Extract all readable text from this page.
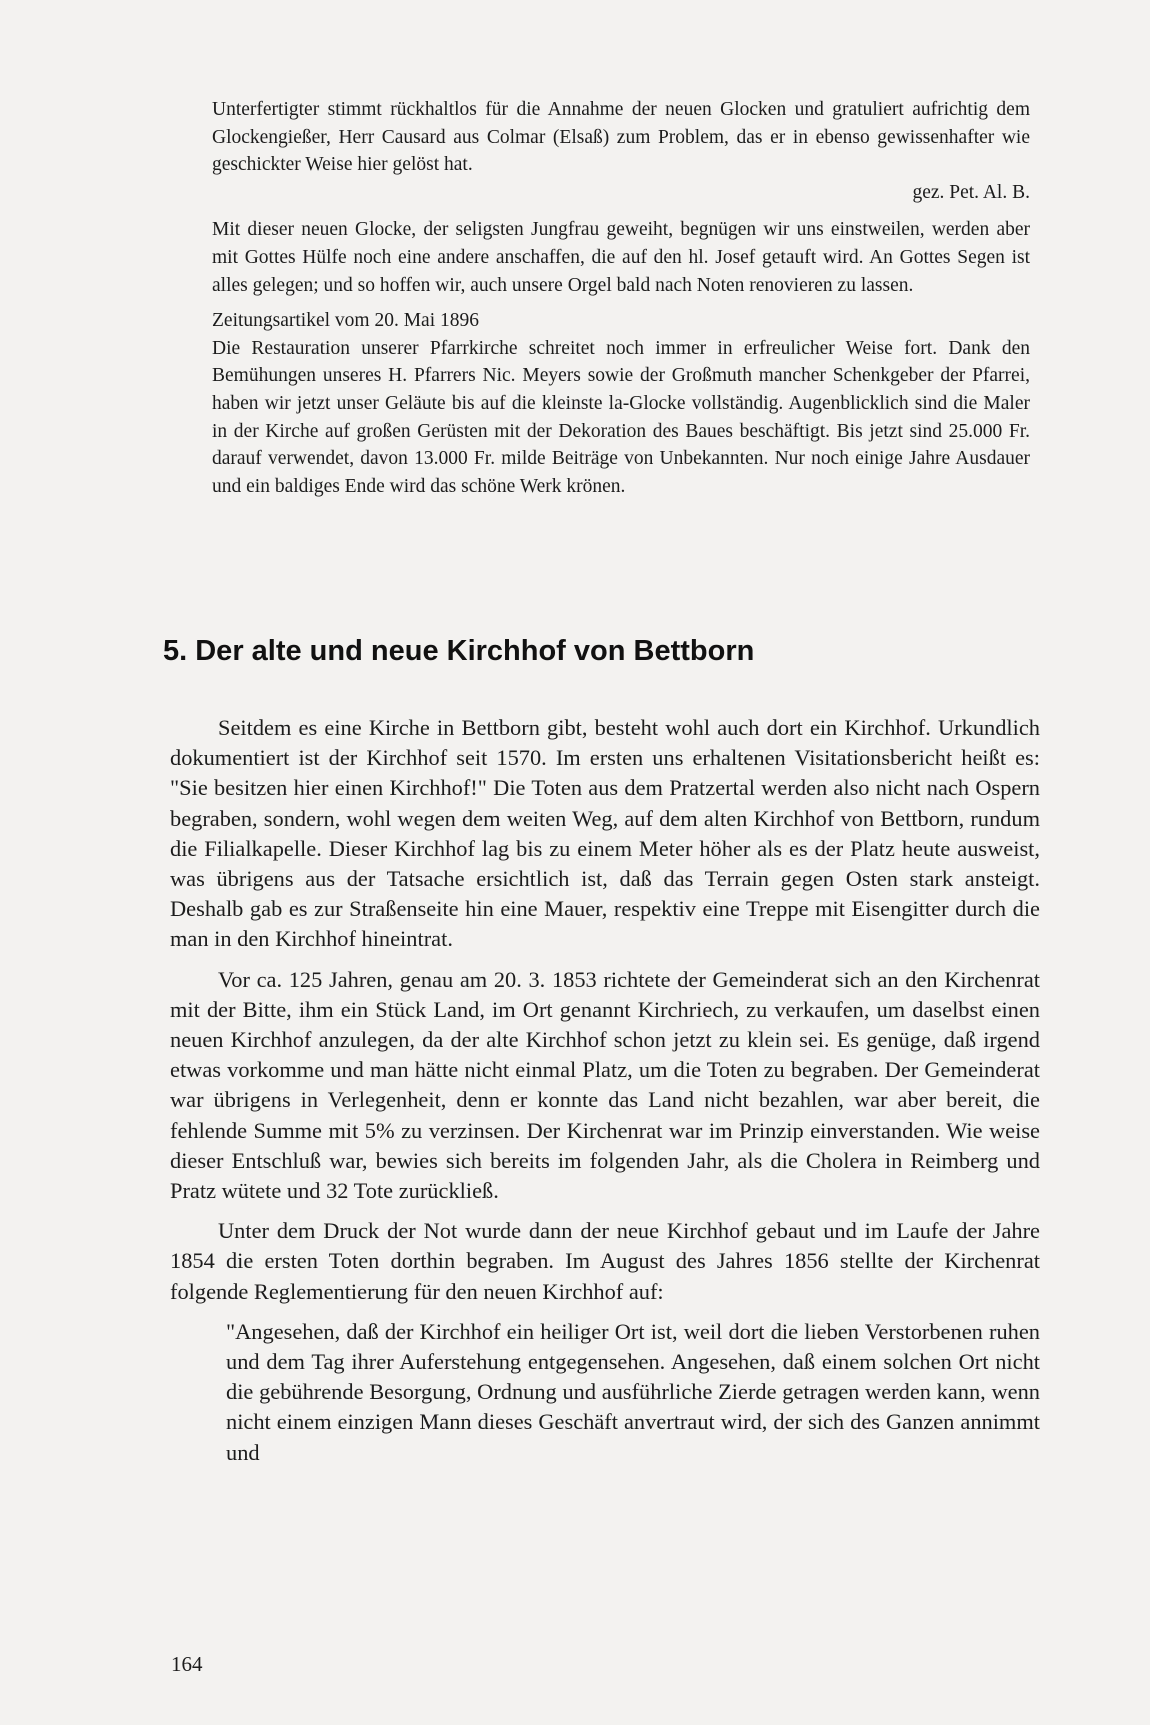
Unterfertigter stimmt rückhaltlos für die Annahme der neuen Glocken und gratuliert aufrichtig dem Glockengießer, Herr Causard aus Colmar (Elsaß) zum Problem, das er in ebenso gewissenhafter wie geschickter Weise hier gelöst hat.

gez. Pet. Al. B.

Mit dieser neuen Glocke, der seligsten Jungfrau geweiht, begnügen wir uns einstweilen, werden aber mit Gottes Hülfe noch eine andere anschaffen, die auf den hl. Josef getauft wird. An Gottes Segen ist alles gelegen; und so hoffen wir, auch unsere Orgel bald nach Noten renovieren zu lassen.

Zeitungsartikel vom 20. Mai 1896

Die Restauration unserer Pfarrkirche schreitet noch immer in erfreulicher Weise fort. Dank den Bemühungen unseres H. Pfarrers Nic. Meyers sowie der Großmuth mancher Schenkgeber der Pfarrei, haben wir jetzt unser Geläute bis auf die kleinste la-Glocke vollständig. Augenblicklich sind die Maler in der Kirche auf großen Gerüsten mit der Dekoration des Baues beschäftigt. Bis jetzt sind 25.000 Fr. darauf verwendet, davon 13.000 Fr. milde Beiträge von Unbekannten. Nur noch einige Jahre Ausdauer und ein baldiges Ende wird das schöne Werk krönen.

5. Der alte und neue Kirchhof von Bettborn

Seitdem es eine Kirche in Bettborn gibt, besteht wohl auch dort ein Kirchhof. Urkundlich dokumentiert ist der Kirchhof seit 1570. Im ersten uns erhaltenen Visitationsbericht heißt es: "Sie besitzen hier einen Kirchhof!" Die Toten aus dem Pratzertal werden also nicht nach Ospern begraben, sondern, wohl wegen dem weiten Weg, auf dem alten Kirchhof von Bettborn, rundum die Filialkapelle. Dieser Kirchhof lag bis zu einem Meter höher als es der Platz heute ausweist, was übrigens aus der Tatsache ersichtlich ist, daß das Terrain gegen Osten stark ansteigt. Deshalb gab es zur Straßenseite hin eine Mauer, respektiv eine Treppe mit Eisengitter durch die man in den Kirchhof hineintrat.

Vor ca. 125 Jahren, genau am 20. 3. 1853 richtete der Gemeinderat sich an den Kirchenrat mit der Bitte, ihm ein Stück Land, im Ort genannt Kirchriech, zu verkaufen, um daselbst einen neuen Kirchhof anzulegen, da der alte Kirchhof schon jetzt zu klein sei. Es genüge, daß irgend etwas vorkomme und man hätte nicht einmal Platz, um die Toten zu begraben. Der Gemeinderat war übrigens in Verlegenheit, denn er konnte das Land nicht bezahlen, war aber bereit, die fehlende Summe mit 5% zu verzinsen. Der Kirchenrat war im Prinzip einverstanden. Wie weise dieser Entschluß war, bewies sich bereits im folgenden Jahr, als die Cholera in Reimberg und Pratz wütete und 32 Tote zurückließ.

Unter dem Druck der Not wurde dann der neue Kirchhof gebaut und im Laufe der Jahre 1854 die ersten Toten dorthin begraben. Im August des Jahres 1856 stellte der Kirchenrat folgende Reglementierung für den neuen Kirchhof auf:

"Angesehen, daß der Kirchhof ein heiliger Ort ist, weil dort die lieben Verstorbenen ruhen und dem Tag ihrer Auferstehung entgegensehen. Angesehen, daß einem solchen Ort nicht die gebührende Besorgung, Ordnung und ausführliche Zierde getragen werden kann, wenn nicht einem einzigen Mann dieses Geschäft anvertraut wird, der sich des Ganzen annimmt und

164
